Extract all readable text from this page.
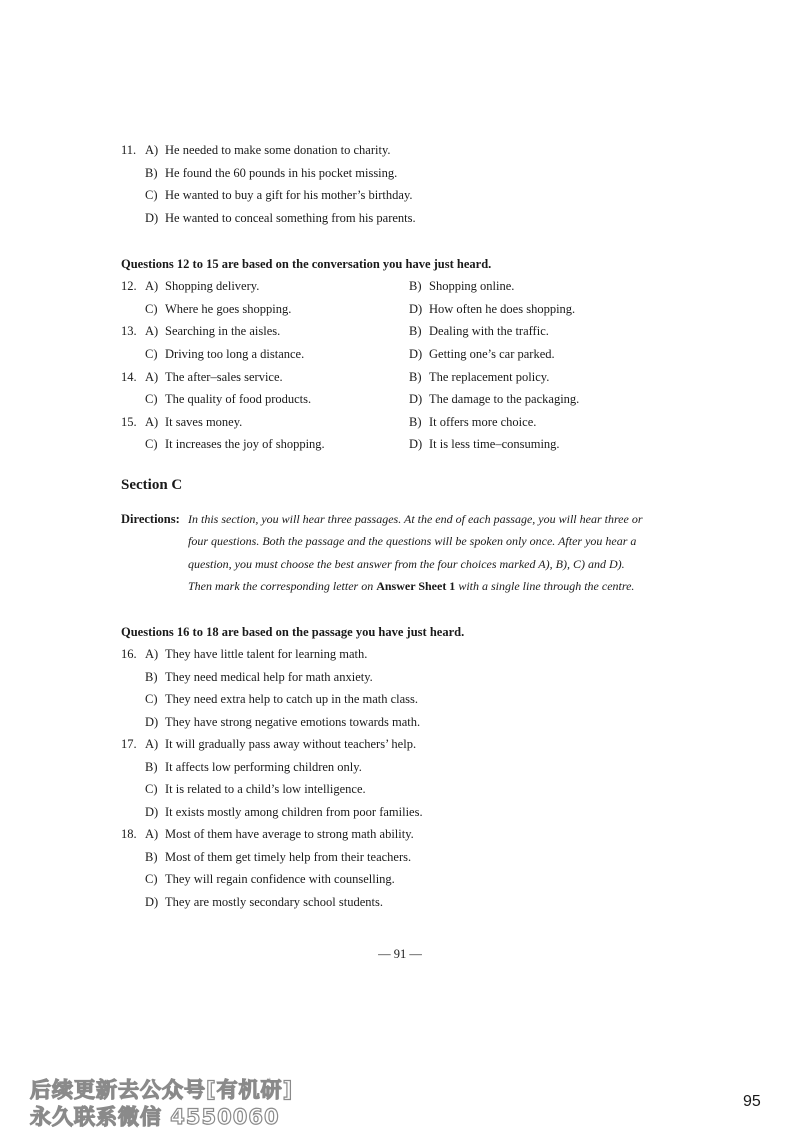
11. A) He needed to make some donation to charity.
B) He found the 60 pounds in his pocket missing.
C) He wanted to buy a gift for his mother’s birthday.
D) He wanted to conceal something from his parents.
Questions 12 to 15 are based on the conversation you have just heard.
12. A) Shopping delivery.	B) Shopping online.
C) Where he goes shopping.	D) How often he does shopping.
13. A) Searching in the aisles.	B) Dealing with the traffic.
C) Driving too long a distance.	D) Getting one’s car parked.
14. A) The after–sales service.	B) The replacement policy.
C) The quality of food products.	D) The damage to the packaging.
15. A) It saves money.	B) It offers more choice.
C) It increases the joy of shopping.	D) It is less time–consuming.
Section C
Directions: In this section, you will hear three passages. At the end of each passage, you will hear three or
four questions. Both the passage and the questions will be spoken only once. After you hear a
question, you must choose the best answer from the four choices marked A), B), C) and D).
Then mark the corresponding letter on Answer Sheet 1 with a single line through the centre.
Questions 16 to 18 are based on the passage you have just heard.
16. A) They have little talent for learning math.
B) They need medical help for math anxiety.
C) They need extra help to catch up in the math class.
D) They have strong negative emotions towards math.
17. A) It will gradually pass away without teachers’ help.
B) It affects low performing children only.
C) It is related to a child’s low intelligence.
D) It exists mostly among children from poor families.
18. A) Most of them have average to strong math ability.
B) Most of them get timely help from their teachers.
C) They will regain confidence with counselling.
D) They are mostly secondary school students.
— 91 —
后续更新去公众号[有机研]
永久联系微信 4550060
95
